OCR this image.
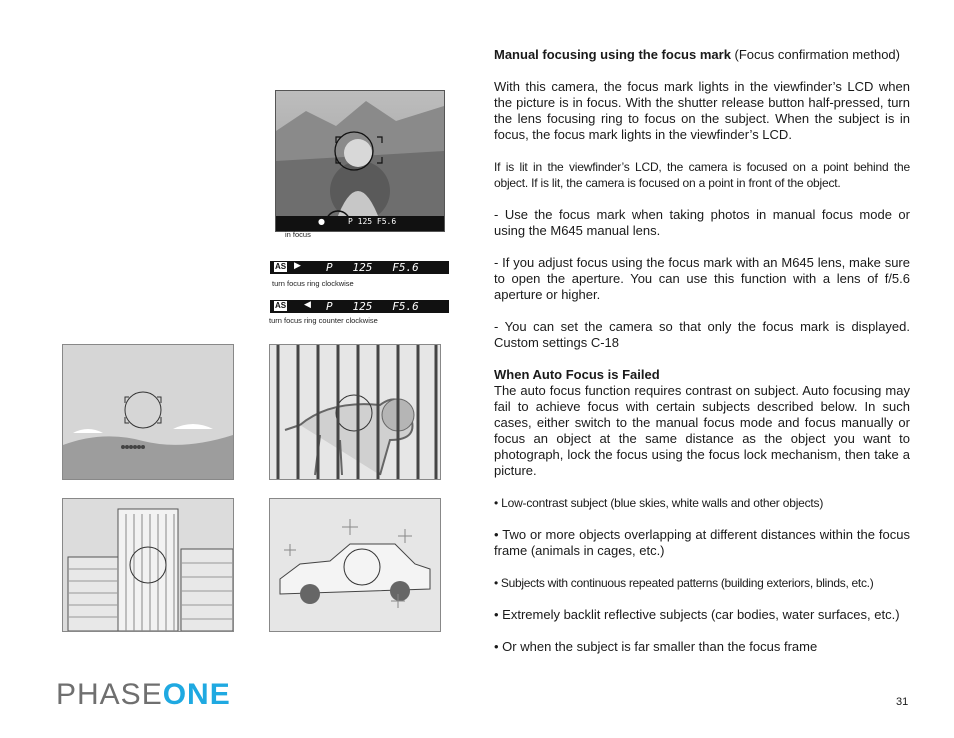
P 125 F5.6
●
in focus
AS ▶ P   125   F5.6
turn focus ring clockwise
AS ◀ P   125   F5.6
turn focus ring counter clockwise

Manual focusing using the focus mark (Focus confirmation method)

With this camera, the focus mark lights in the viewfinder’s LCD when the picture is in focus. With the shutter release button half-pressed, turn the lens focusing ring to focus on the subject. When the subject is in focus, the focus mark lights in the viewfinder’s LCD.

If is lit in the viewfinder’s LCD, the camera is focused on a point behind the object. If is lit, the camera is focused on a point in front of the object.

- Use the focus mark when taking photos in manual focus mode or using the M645 manual lens.

- If you adjust focus using the focus mark with an M645 lens, make sure to open the aperture. You can use this function with a lens of f/5.6 aperture or higher.

- You can set the camera so that only the focus mark is displayed. Custom settings C-18

When Auto Focus is Failed

The auto focus function requires contrast on subject. Auto focusing may fail to achieve focus with certain subjects described below. In such cases, either switch to the manual focus mode and focus manually or focus an object at the same distance as the object you want to photograph, lock the focus using the focus lock mechanism, then take a picture.

• Low-contrast subject (blue skies, white walls and other objects)

• Two or more objects overlapping at different distances within the focus frame (animals in cages, etc.)

• Subjects with continuous repeated patterns (building exteriors, blinds, etc.)

• Extremely backlit reflective subjects (car bodies, water surfaces, etc.)

• Or when the subject is far smaller than the focus frame

PHASEONE	31
